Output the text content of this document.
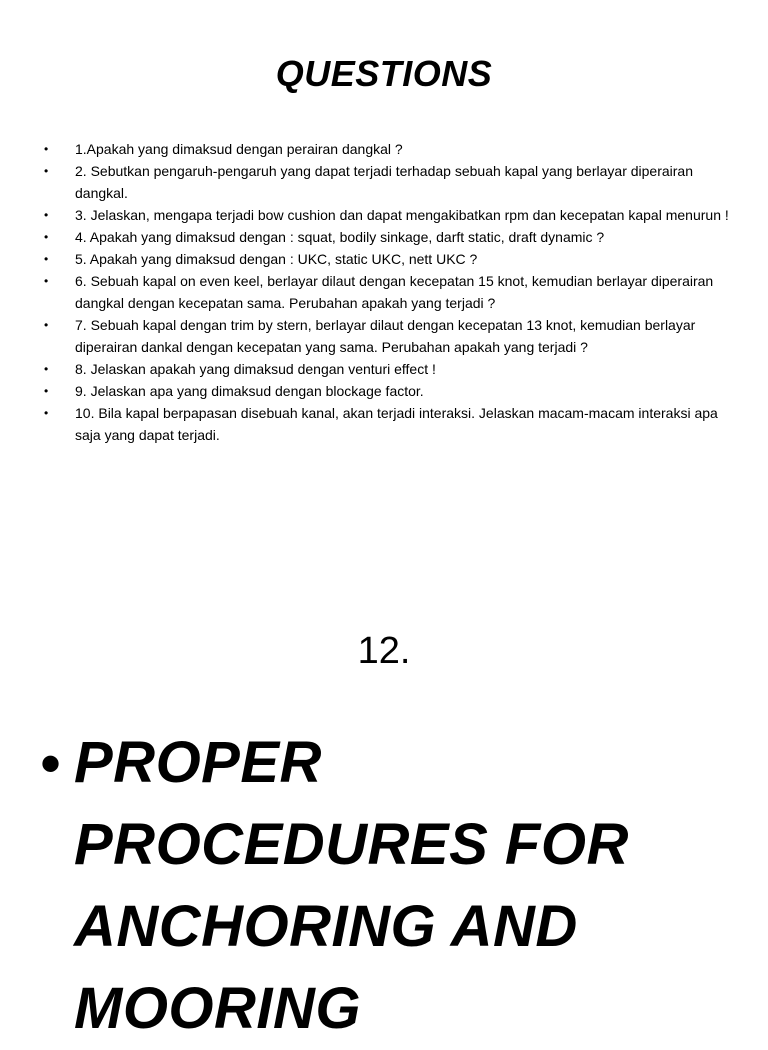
QUESTIONS
• 1.Apakah yang dimaksud dengan perairan dangkal ?
• 2. Sebutkan pengaruh-pengaruh yang dapat terjadi terhadap sebuah kapal yang berlayar diperairan dangkal.
• 3. Jelaskan, mengapa terjadi bow cushion dan dapat mengakibatkan rpm dan kecepatan kapal menurun !
• 4. Apakah yang dimaksud dengan : squat, bodily sinkage, darft static, draft dynamic ?
• 5. Apakah yang dimaksud dengan : UKC, static UKC, nett UKC ?
• 6. Sebuah kapal on even keel, berlayar dilaut dengan kecepatan 15 knot, kemudian berlayar diperairan dangkal dengan kecepatan sama. Perubahan apakah yang terjadi ?
• 7. Sebuah kapal dengan trim by stern, berlayar dilaut dengan kecepatan 13 knot, kemudian berlayar diperairan dankal dengan kecepatan yang sama. Perubahan apakah yang terjadi ?
• 8. Jelaskan apakah yang dimaksud dengan venturi effect !
• 9. Jelaskan apa yang dimaksud dengan blockage factor.
• 10. Bila kapal berpapasan disebuah kanal, akan terjadi interaksi. Jelaskan macam-macam interaksi apa saja yang dapat terjadi.
12.
• PROPER PROCEDURES FOR ANCHORING AND MOORING
